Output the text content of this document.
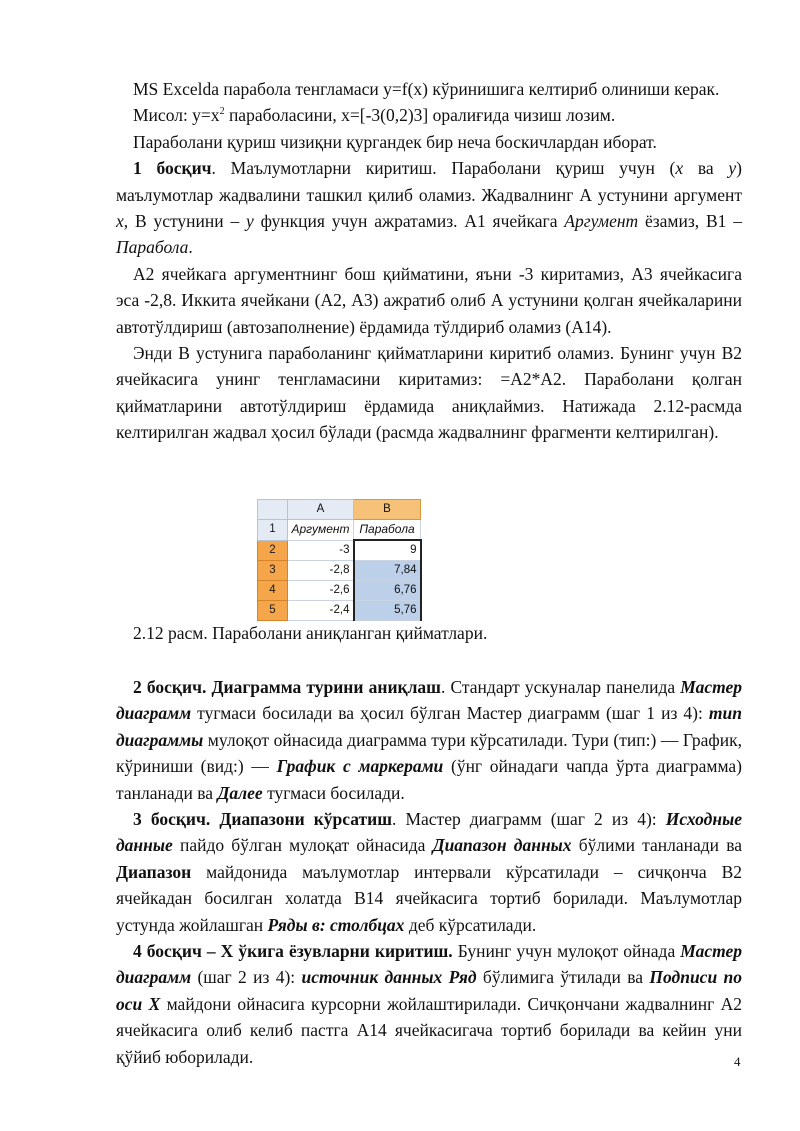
MS Excelda парабола тенгламаси y=f(x) кўринишига келтириб олиниши керак.

Мисол: $y=x^2$ параболасини, x=[-3(0,2)3] оралиғида чизиш лозим.

Параболани қуриш чизиқни қургандек бир неча боскичлардан иборат.

1 босқич. Маълумотларни киритиш. Параболани қуриш учун (x ва y) маълумотлар жадвалини ташкил қилиб оламиз. Жадвалнинг А устунини аргумент x, В устунини – y функция учун ажратамиз. А1 ячейкага Аргумент ёзамиз, В1 – Парабола.

А2 ячейкага аргументнинг бош қийматини, яъни -3 киритамиз, А3 ячейкасига эса -2,8. Иккита ячейкани (А2, А3) ажратиб олиб А устунини қолган ячейкаларини автотўлдириш (автозаполнение) ёрдамида тўлдириб оламиз (А14).

Энди В устунига параболанинг қийматларини киритиб оламиз. Бунинг учун В2 ячейкасига унинг тенгламасини киритамиз: =А2*А2. Параболани қолган қийматларини автотўлдириш ёрдамида аниқлаймиз. Натижада 2.12-расмда келтирилган жадвал ҳосил бўлади (расмда жадвалнинг фрагменти келтирилган).

	A	B
1	Аргумент	Парабола
2	-3	9
3	-2,8	7,84
4	-2,6	6,76
5	-2,4	5,76
2.12 расм. Параболани аниқланган қийматлари.

2 босқич. Диаграмма турини аниқлаш. Стандарт ускуналар панелида Мастер диаграмм тугмаси босилади ва ҳосил бўлган Мастер диаграмм (шаг 1 из 4): тип диаграммы мулоқот ойнасида диаграмма тури кўрсатилади. Тури (тип:) — График, кўриниши (вид:) — График с маркерами (ўнг ойнадаги чапда ўрта диаграмма) танланади ва Далее тугмаси босилади.

3 босқич. Диапазони кўрсатиш. Мастер диаграмм (шаг 2 из 4): Исходные данные пайдо бўлган мулоқат ойнасида Диапазон данных бўлими танланади ва Диапазон майдонида маълумотлар интервали кўрсатилади – сичқонча В2 ячейкадан босилган холатда В14 ячейкасига тортиб борилади. Маълумотлар устунда жойлашган Ряды в: столбцах деб кўрсатилади.

4 босқич – Х ўкига ёзувларни киритиш. Бунинг учун мулоқот ойнада Мастер диаграмм (шаг 2 из 4): источник данных Ряд бўлимига ўтилади ва Подписи по оси X майдони ойнасига курсорни жойлаштирилади. Сичқончани жадвалнинг А2 ячейкасига олиб келиб пастга А14 ячейкасигача тортиб борилади ва кейин уни қўйиб юборилади.	4
